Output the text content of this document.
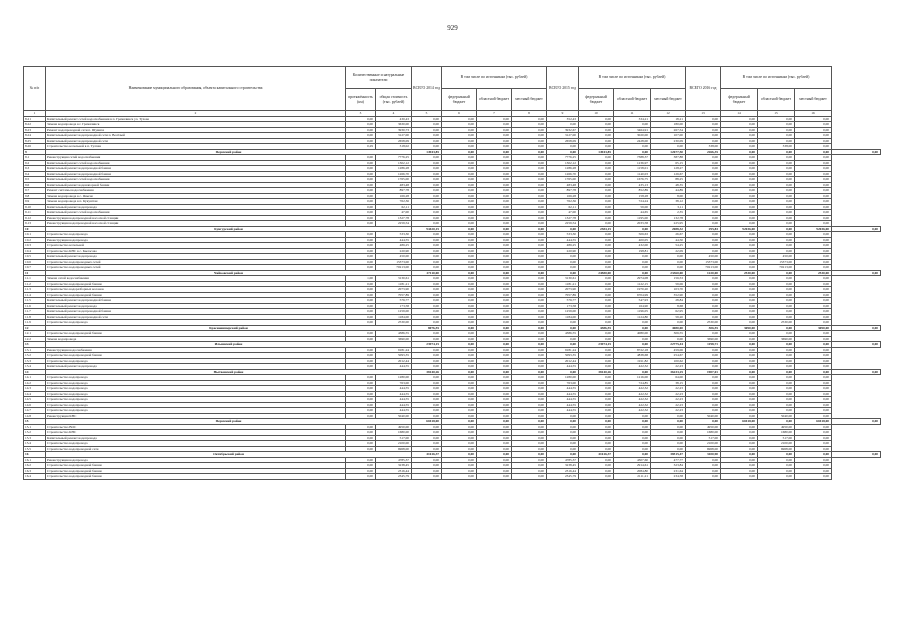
929
№ п/п	Наименование муниципального образования, объекта капитального строительства	Количественные и натуральные показатели		ВСЕГО 2014 год	В том числе по источникам (тыс. рублей)			ВСЕГО 2015 год	В том числе по источникам (тыс. рублей)			ВСЕГО 2016 год	В том числе по источникам (тыс. рублей)			
		протяжённость (км)	общая стоимость (тыс. рублей)		федеральный бюджет	областной бюджет	местный бюджет		федеральный бюджет	областной бюджет	местный бюджет		федеральный бюджет	областной бюджет	местный бюджет	
1	2	3	4	5	6	7	8	9	10	11	12	13	14	15	16	
8.21	Капитальный ремонт сетей водоснабжения в п. Гремячинск ул. Тухова	0,00	430,43	0,00	0,00	0,00	0,00	352,43	0,00	334,21	18,21	0,00	0,00	0,00	0,00	
8.22	Замена водопровода в г. Гремячинск	0,00	3630,00	0,00	0,00	0,00	0,00	0,00	0,00	0,00	180,00	0,00	0,00	0,00	0,00	
8.23	Ремонт водопроводной сети п. Шумиха	0,00	3930,73	0,00	0,00	0,00	0,00	3932,67	0,00	3464,91	267,54	0,00	0,00	0,00	0,00	
8.24	Капитальный ремонт водопроводной сети п. Весёлый	0,00	3127,00	0,00	0,00	0,00	0,00	3127,00	0,00	3020,00	107,00	0,00	0,00	0,00	0,00	
8.25	Капитальный ремонт водопроводной сети	0,00	2658,09	0,00	0,00	0,00	0,00	2658,09	0,00	2428,00	230,09	0,00	0,00	0,00	0,00	
8.26	Строительство котельной в п. Тулпан	0,29	318,02	0,00	0,00	0,00	0,00	0,00	0,00	0,00	0,00	338,00	0,00	338,00	0,00	
9	Пермский район			14943,85	0,00	0,00	0,00	0,00	14943,85	0,00	12677,50	2266,35	0,00	0,00	0,00	0,00
9.1	Реконструкция сетей водоснабжения	0,00	7776,25	0,00	0,00	0,00	0,00	7776,25	0,00	7388,37	387,88	0,00	0,00	0,00	0,00	
9.2	Капитальный ремонт сетей водоснабжения	0,00	1302,12	0,00	0,00	0,00	0,00	1302,12	0,00	1236,97	65,15	0,00	0,00	0,00	0,00	
9.3	Капитальный ремонт водопроводной башни	0,00	1286,28	0,00	0,00	0,00	0,00	1286,28	0,00	1158,01	128,27	0,00	0,00	0,00	0,00	
9.4	Капитальный ремонт водопроводной башни	0,00	1266,70	0,00	0,00	0,00	0,00	1266,70	0,00	1140,03	126,67	0,00	0,00	0,00	0,00	
9.5	Капитальный ремонт сетей водоснабжения	0,00	1765,00	0,00	0,00	0,00	0,00	1765,00	0,00	1676,75	88,25	0,00	0,00	0,00	0,00	
9.6	Капитальный ремонт водонапорной башни	0,00	483,48	0,00	0,00	0,00	0,00	483,48	0,00	435,13	48,35	0,00	0,00	0,00	0,00	
9.7	Ремонт системы водоснабжения	0,00	897,78	0,00	0,00	0,00	0,00	897,78	0,00	852,89	44,89	0,00	0,00	0,00	0,00	
9.8	Замена водопровода в с. Янычи	0,00	166,28	0,00	0,00	0,00	0,00	166,28	0,00	158,28	8,00	0,00	0,00	0,00	0,00	
9.9	Замена водопровода в п. Кукуштан	0,00	762,36	0,00	0,00	0,00	0,00	762,36	0,00	724,24	38,12	0,00	0,00	0,00	0,00	
9.10	Капитальный ремонт водопровода	0,00	62,11	0,00	0,00	0,00	0,00	62,11	0,00	59,00	3,11	0,00	0,00	0,00	0,00	
9.11	Капитальный ремонт сетей водоснабжения	0,00	47,00	0,00	0,00	0,00	0,00	47,00	0,00	44,65	2,35	0,00	0,00	0,00	0,00	
9.12	Реконструкция водопроводной насосной станции	0,00	1327,78	0,00	0,00	0,00	0,00	1327,78	0,00	1195,00	132,78	0,00	0,00	0,00	0,00	
9.13	Реконструкция водопроводной насосной станции	0,00	2259,54	0,00	0,00	0,00	0,00	2259,54	0,00	2033,58	225,95	0,00	0,00	0,00	0,00	
10	Кунгурский район			94420,15	0,00	0,00	0,00	0,00	2384,15	0,00	2088,32	295,83	92036,00	0,00	92036,00	0,00
10.1	Строительство водопровода	0,00	533,30	0,00	0,00	0,00	0,00	533,30	0,00	506,63	26,67	0,00	0,00	0,00	0,00	
10.2	Реконструкция водопровода	0,00	444,55	0,00	0,00	0,00	0,00	444,55	0,00	400,05	44,50	0,00	0,00	0,00	0,00	
10.3	Строительство котельной	0,00	486,25	0,00	0,00	0,00	0,00	486,25	0,00	432,00	54,25	0,00	0,00	0,00	0,00	
10.4	Строительство КНС в с. Кыласово	0,00	220,90	0,00	0,00	0,00	0,00	220,90	0,00	198,81	22,09	0,00	0,00	0,00	0,00	
10.5	Капитальный ремонт водопровода	0,00	450,00	0,00	0,00	0,00	0,00	0,00	0,00	0,00	0,00	450,00	0,00	450,00	0,00	
10.6	Строительство водопроводных сетей	0,00	15373,00	0,00	0,00	0,00	0,00	0,00	0,00	0,00	0,00	15373,00	0,00	15373,00	0,00	
10.7	Строительство водопроводных сетей	0,00	70213,00	0,00	0,00	0,00	0,00	0,00	0,00	0,00	0,00	70213,00	0,00	70213,00	0,00	
11	Чайковский район			27110,00	0,00	0,00	0,00	0,00	24580,00	0,00	23360,00	1220,00	2530,00	0,00	2530,00	0,00
11.1	Замена сетей водоснабжения	1,00	3130,61	0,00	0,00	0,00	0,00	3130,61	0,00	2974,08	156,53	0,00	0,00	0,00	0,00	
11.2	Строительство водопроводной башни	0,00	1181,21	0,00	0,00	0,00	0,00	1181,21	0,00	1122,15	59,06	0,00	0,00	0,00	0,00	
11.3	Строительство водоразборных колонок	0,00	2073,90	0,00	0,00	0,00	0,00	2073,90	0,00	1970,20	103,70	0,00	0,00	0,00	0,00	
11.4	Строительство водопроводной башни	0,00	7057,89	0,00	0,00	0,00	0,00	7057,89	0,00	6704,99	352,90	0,00	0,00	0,00	0,00	
11.5	Капитальный ремонт водопроводной башни	0,00	576,77	0,00	0,00	0,00	0,00	576,77	0,00	547,93	28,84	0,00	0,00	0,00	0,00	
11.6	Капитальный ремонт водопровода	0,00	173,58	0,00	0,00	0,00	0,00	173,58	0,00	164,90	8,68	0,00	0,00	0,00	0,00	
11.7	Капитальный ремонт водопроводной башни	0,00	1259,00	0,00	0,00	0,00	0,00	1259,00	0,00	1196,05	62,95	0,00	0,00	0,00	0,00	
11.8	Капитальный ремонт водопроводной сети	0,00	1184,00	0,00	0,00	0,00	0,00	1184,00	0,00	1124,80	59,20	0,00	0,00	0,00	0,00	
11.9	Строительство водопровода	0,00	2530,00	0,00	0,00	0,00	0,00	0,00	0,00	0,00	0,00	2530,00	0,00	2530,00	0,00	
12	Красновишерский район			8076,55	0,00	0,00	0,00	0,00	4386,55	0,00	4080,00	306,55	3690,00	0,00	3690,00	0,00
12.1	Строительство водопроводной башни	0,00	4386,55	0,00	0,00	0,00	0,00	4386,55	0,00	4080,00	306,55	0,00	0,00	0,00	0,00	
12.2	Замена водопровода	0,00	3690,00	0,00	0,00	0,00	0,00	0,00	0,00	0,00	0,00	3690,00	0,00	3690,00	0,00	
13	Ильинский район			23974,15	0,00	0,00	0,00	0,00	23974,15	0,00	22775,44	1198,71	0,00	0,00	0,00	0,00
13.1	Реконструкция водоснабжения	0,00	9181,24	0,00	0,00	0,00	0,00	9181,24	0,00	8722,18	459,06	0,00	0,00	0,00	0,00	
13.2	Строительство водопроводной башни	0,00	5093,35	0,00	0,00	0,00	0,00	5093,35	0,00	4838,68	254,67	0,00	0,00	0,00	0,00	
13.3	Строительство водопровода	0,00	2012,44	0,00	0,00	0,00	0,00	2012,44	0,00	1911,82	100,62	0,00	0,00	0,00	0,00	
13.4	Капитальный ремонт водопровода	0,00	444,55	0,00	0,00	0,00	0,00	444,55	0,00	422,32	22,23	0,00	0,00	0,00	0,00	
14	Нытвенский район			38140,26	0,00	0,00	0,00	0,00	38140,26	0,00	36233,25	1907,01	0,00	0,00	0,00	0,00
14.1	Строительство водопровода	0,00	1280,00	0,00	0,00	0,00	0,00	1280,00	0,00	1216,00	64,00	0,00	0,00	0,00	0,00	
14.2	Строительство водопровода	0,00	763,00	0,00	0,00	0,00	0,00	763,00	0,00	724,85	38,15	0,00	0,00	0,00	0,00	
14.3	Строительство водопровода	0,00	444,55	0,00	0,00	0,00	0,00	444,55	0,00	422,32	22,23	0,00	0,00	0,00	0,00	
14.4	Строительство водопровода	0,00	444,55	0,00	0,00	0,00	0,00	444,55	0,00	422,32	22,23	0,00	0,00	0,00	0,00	
14.5	Строительство водопровода	0,00	444,55	0,00	0,00	0,00	0,00	444,55	0,00	422,32	22,23	0,00	0,00	0,00	0,00	
14.6	Строительство водопровода	0,00	444,55	0,00	0,00	0,00	0,00	444,55	0,00	422,32	22,23	0,00	0,00	0,00	0,00	
14.7	Строительство водопровода	0,00	444,55	0,00	0,00	0,00	0,00	444,55	0,00	422,32	22,23	0,00	0,00	0,00	0,00	
14.8	Реконструкция КНС	0,00	5040,00	0,00	0,00	0,00	0,00	0,00	0,00	0,00	0,00	5040,00	0,00	5040,00	0,00	
15	Пермский район			60418,00	0,00	0,00	0,00	0,00	0,00	0,00	0,00	0,00	60418,00	0,00	60418,00	0,00
15.1	Строительство ВОС	0,00	4950,00	0,00	0,00	0,00	0,00	0,00	0,00	0,00	0,00	4950,00	0,00	4950,00	0,00	
15.2	Строительство КНС	0,00	1680,00	0,00	0,00	0,00	0,00	0,00	0,00	0,00	0,00	1680,00	0,00	1680,00	0,00	
15.3	Капитальный ремонт водопровода	0,00	517,00	0,00	0,00	0,00	0,00	0,00	0,00	0,00	0,00	517,00	0,00	517,00	0,00	
15.4	Строительство водопровода	0,00	2100,00	0,00	0,00	0,00	0,00	0,00	0,00	0,00	0,00	2100,00	0,00	2100,00	0,00	
15.5	Строительство водопроводной сети	0,00	6968,00	0,00	0,00	0,00	0,00	0,00	0,00	0,00	0,00	6968,00	0,00	6968,00	0,00	
16	Октябрьский район			41616,37	0,00	0,00	0,00	0,00	41616,37	0,00	38515,47	3100,90	0,00	0,00	0,00	0,00
16.1	Реконструкция водопровода	0,00	4785,37	0,00	0,00	0,00	0,00	4785,37	0,00	4307,60	477,77	0,00	0,00	0,00	0,00	
16.2	Строительство водопроводной башни	0,00	3238,45	0,00	0,00	0,00	0,00	3238,45	0,00	2914,61	323,84	0,00	0,00	0,00	0,00	
16.3	Строительство водопроводной башни	0,00	2316,44	0,00	0,00	0,00	0,00	2316,44	0,00	2084,80	231,64	0,00	0,00	0,00	0,00	
16.4	Строительство водопроводной башни	0,00	2345,79	0,00	0,00	0,00	0,00	2345,79	0,00	2111,21	234,58	0,00	0,00	0,00	0,00	
